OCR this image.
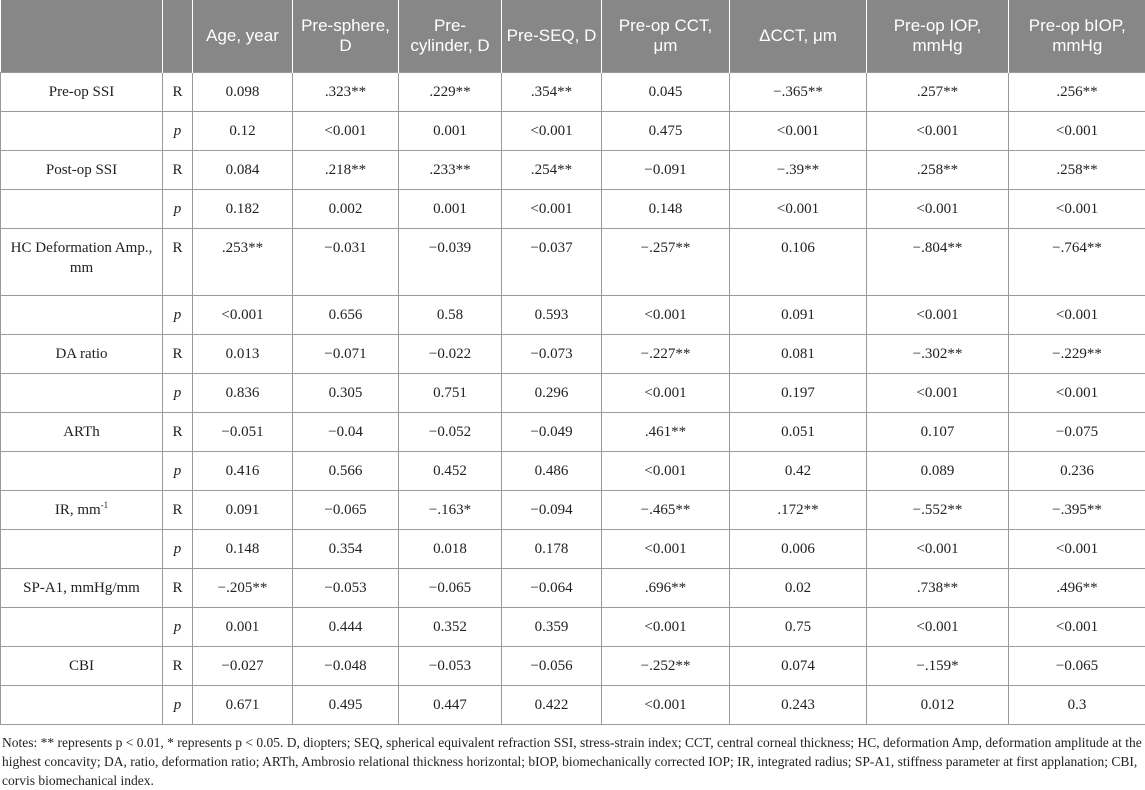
		Age, year	Pre-sphere, D	Pre-cylinder, D	Pre-SEQ, D	Pre-op CCT, μm	ΔCCT, μm	Pre-op IOP, mmHg	Pre-op bIOP, mmHg
Pre-op SSI	R	0.098	.323**	.229**	.354**	0.045	−.365**	.257**	.256**
	p	0.12	<0.001	0.001	<0.001	0.475	<0.001	<0.001	<0.001
Post-op SSI	R	0.084	.218**	.233**	.254**	−0.091	−.39**	.258**	.258**
	p	0.182	0.002	0.001	<0.001	0.148	<0.001	<0.001	<0.001
HC Deformation Amp., mm	R	.253**	−0.031	−0.039	−0.037	−.257**	0.106	−.804**	−.764**
	p	<0.001	0.656	0.58	0.593	<0.001	0.091	<0.001	<0.001
DA ratio	R	0.013	−0.071	−0.022	−0.073	−.227**	0.081	−.302**	−.229**
	p	0.836	0.305	0.751	0.296	<0.001	0.197	<0.001	<0.001
ARTh	R	−0.051	−0.04	−0.052	−0.049	.461**	0.051	0.107	−0.075
	p	0.416	0.566	0.452	0.486	<0.001	0.42	0.089	0.236
IR, $mm^{-1}$	R	0.091	−0.065	−.163*	−0.094	−.465**	.172**	−.552**	−.395**
	p	0.148	0.354	0.018	0.178	<0.001	0.006	<0.001	<0.001
SP-A1, mmHg/mm	R	−.205**	−0.053	−0.065	−0.064	.696**	0.02	.738**	.496**
	p	0.001	0.444	0.352	0.359	<0.001	0.75	<0.001	<0.001
CBI	R	−0.027	−0.048	−0.053	−0.056	−.252**	0.074	−.159*	−0.065
	p	0.671	0.495	0.447	0.422	<0.001	0.243	0.012	0.3
Notes: ** represents p < 0.01, * represents p < 0.05. D, diopters; SEQ, spherical equivalent refraction SSI, stress-strain index; CCT, central corneal thickness; HC, deformation Amp, deformation amplitude at the highest concavity; DA, ratio, deformation ratio; ARTh, Ambrosio relational thickness horizontal; bIOP, biomechanically corrected IOP; IR, integrated radius; SP-A1, stiffness parameter at first applanation; CBI, corvis biomechanical index.
